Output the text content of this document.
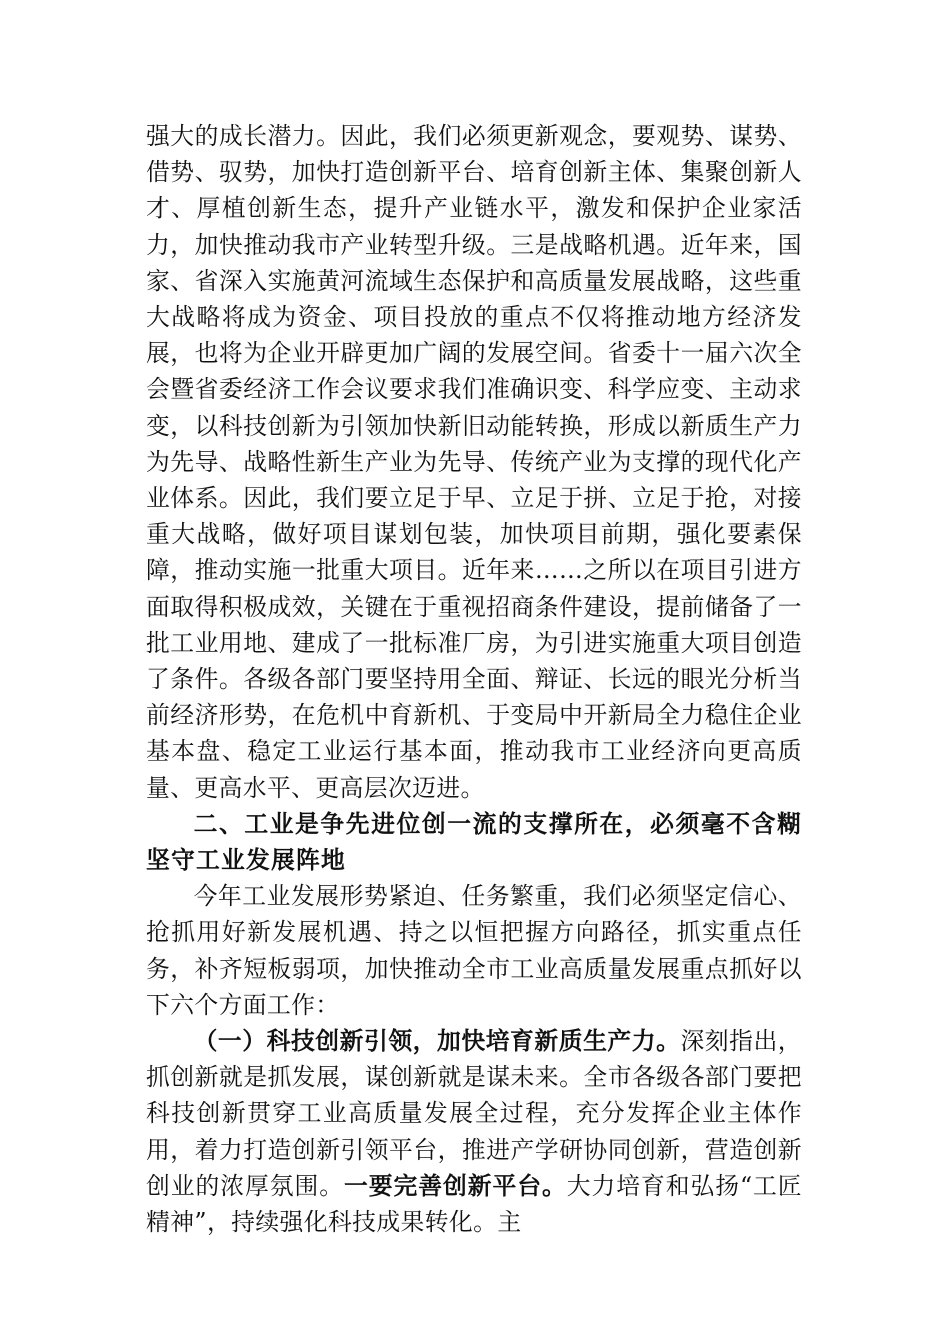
强大的成长潜力。因此，我们必须更新观念，要观势、谋势、借势、驭势，加快打造创新平台、培育创新主体、集聚创新人才、厚植创新生态，提升产业链水平，激发和保护企业家活力，加快推动我市产业转型升级。三是战略机遇。近年来，国家、省深入实施黄河流域生态保护和高质量发展战略，这些重大战略将成为资金、项目投放的重点不仅将推动地方经济发展，也将为企业开辟更加广阔的发展空间。省委十一届六次全会暨省委经济工作会议要求我们准确识变、科学应变、主动求变，以科技创新为引领加快新旧动能转换，形成以新质生产力为先导、战略性新生产业为先导、传统产业为支撑的现代化产业体系。因此，我们要立足于早、立足于拼、立足于抢，对接重大战略，做好项目谋划包装，加快项目前期，强化要素保障，推动实施一批重大项目。近年来……之所以在项目引进方面取得积极成效，关键在于重视招商条件建设，提前储备了一批工业用地、建成了一批标准厂房，为引进实施重大项目创造了条件。各级各部门要坚持用全面、辩证、长远的眼光分析当前经济形势，在危机中育新机、于变局中开新局全力稳住企业基本盘、稳定工业运行基本面，推动我市工业经济向更高质量、更高水平、更高层次迈进。

二、工业是争先进位创一流的支撑所在，必须毫不含糊坚守工业发展阵地

今年工业发展形势紧迫、任务繁重，我们必须坚定信心、抢抓用好新发展机遇、持之以恒把握方向路径，抓实重点任务，补齐短板弱项，加快推动全市工业高质量发展重点抓好以下六个方面工作：

（一）科技创新引领，加快培育新质生产力。深刻指出，抓创新就是抓发展，谋创新就是谋未来。全市各级各部门要把科技创新贯穿工业高质量发展全过程，充分发挥企业主体作用，着力打造创新引领平台，推进产学研协同创新，营造创新创业的浓厚氛围。一要完善创新平台。大力培育和弘扬“工匠精神”，持续强化科技成果转化。主
